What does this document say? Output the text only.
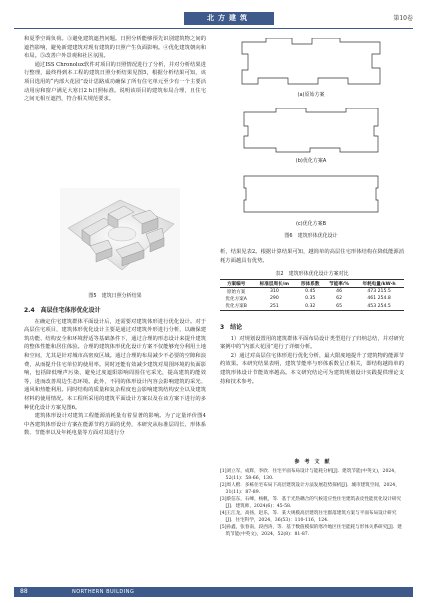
北方建筑	第10卷

和夏季空调负荷。③避免建筑遮挡问题。日照分析能够预先识别建筑物之间的遮挡影响，避免新建建筑对现有建筑的日照产生负面影响。④优化建筑朝向和布局。⑤改善户外景观和社区氛围。

通过ISS Chronolux软件对项目的日照情况进行了分析，并对分析结果进行整理，最终得到本工程的建筑日照分析结果见图5，根据分析结果可知，该项目选用的“内部大花园”设计思路成功确保了所有住宅单元至少有一个主要活动用房和窗户满足大寒日2 h日照标准。说明该项目的建筑布局合理，且住宅之间无相互遮挡，符合相关规范要求。

图5　建筑日照分析结果
2.4　高层住宅体形优化设计

在确定住宅建筑群体平面设计后，还需要对建筑体形进行优化设计。对于高层住宅项目，建筑体形优化设计主要是通过对建筑外形进行分析，以确保建筑功能、结构安全和环境舒适等基础条件下，通过合理的形态设计来提升建筑的整体性能和居住体验。合理的建筑体形优化设计方案不仅能够充分利用土地和空间，尤其是针对城市高密度区域。通过合理的布局减少不必要的空隙和浪费，从而提升住宅单位的使用率。同时还能有效减少建筑对周围环境的负面影响，包括降低噪声污染、避免过度遮阳影响周围住宅采光，提高建筑的能效等，进而改善周边生态环境。此外，不同的体形设计内容会影响建筑的采光、通风和热能利用。同时结构的质量和复杂程度也会影响建筑结构安全以及建筑材料的使用情况。本工程所采用的建筑平面设计方案以及在该方案下进行的多种优化设计方案见图6。

建筑体形设计对建筑工程能源消耗量有着显著的影响。为了定量评价图4中各建筑体形设计方案在能源节约方面的优势，本研究从标准层周长、形体系数、节能率以及年耗电量等方面对其进行分

(a)原始方案
(b)优化方案A
(c)优化方案B
图6　建筑形体优化设计

析，结果见表2。根据计算结果可知，越简单的高层住宅形体结构在降低能源消耗方面越具有优势。

表2　建筑形体优化设计方案对比
方案编号	标准层周长/m	形体系数	节能率/%	年耗电量/kW·h
原始方案	310	0.45	46	473 215.5
优化方案A	290	0.35	62	461 254.8
优化方案B	251	0.32	65	453 254.5
3　结论

1）对规划设置用的建筑群体平面布局设计类型进行了归纳总结，并对研究案例中的“内部大花园”进行了详细分析。

2）通过对高层住宅体形进行优化分析，最大限度地提升了建筑物的能源节约效果。本研究结果表明，建筑节能率与形体系数呈正相关，即结构越简单的建筑形体设计节能效率越高。本文研究结论可为建筑规划设计实践提供理论支持和技术参考。

参　考　文　献
[1]刘立军，成辉，李欣．住宅平面布局设计与能耗分析[J]．建筑节能(中英文)，2024，52(11)：58-66，130.
[2]周人楷．多栋住宅布局下高层建筑设计方法发展趋势探析[J]．城市建筑空间，2024，31(11)：87-89.
[3]蔡信东，石峰，杨帆，等．基于光热耦合的气候适应性住宅建筑表皮性能优化设计研究[J]．建筑师，2024(6)：45-58.
[4]王江龙，高扬，赵乐，等．某大规模高层建筑住宅群落建筑方案与平面布局设计研究[J]．住宅科学，2024，36(53)：110-116，124.
[5]孙鑫，张春南，段西涛，等．基于数值模拟的寒冷地区住宅能耗与形体关系研究[J]．建筑节能(中英文)，2024，52(8)：81-87.
88	NORTHERN BUILDING
